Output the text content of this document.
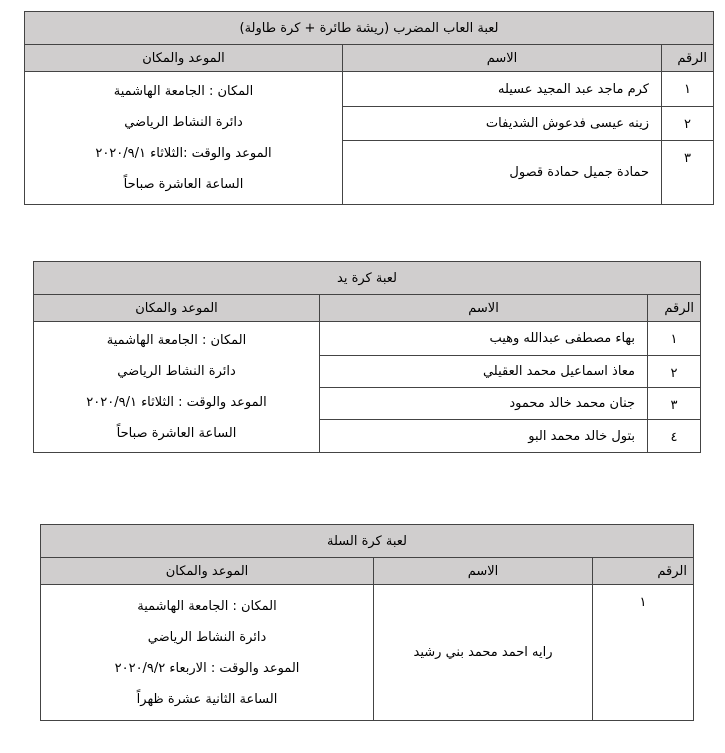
لعبة العاب المضرب (ريشة طائرة + كرة طاولة)		
الرقم	الاسم	الموعد والمكان
١	كرم ماجد عبد المجيد عسيله	المكان : الجامعة الهاشمية
دائرة النشاط الرياضي
الموعد والوقت :الثلاثاء ٢٠٢٠/٩/١
الساعة العاشرة صباحاً

٢	زينه عيسى فدعوش الشديفات	
٣	حمادة جميل حمادة قصول	
لعبة كرة يد		
الرقم	الاسم	الموعد والمكان
١	بهاء مصطفى عبدالله وهيب	المكان : الجامعة الهاشمية
دائرة النشاط الرياضي
الموعد والوقت : الثلاثاء ٢٠٢٠/٩/١
الساعة العاشرة صباحاً

٢	معاذ اسماعيل محمد العقيلي	
٣	جنان محمد خالد محمود	
٤	بتول خالد محمد البو	
لعبة كرة السلة		
الرقم	الاسم	الموعد والمكان
١	رايه احمد محمد بني رشيد	المكان : الجامعة الهاشمية
دائرة النشاط الرياضي
الموعد والوقت : الاربعاء ٢٠٢٠/٩/٢
الساعة الثانية عشرة ظهراً
